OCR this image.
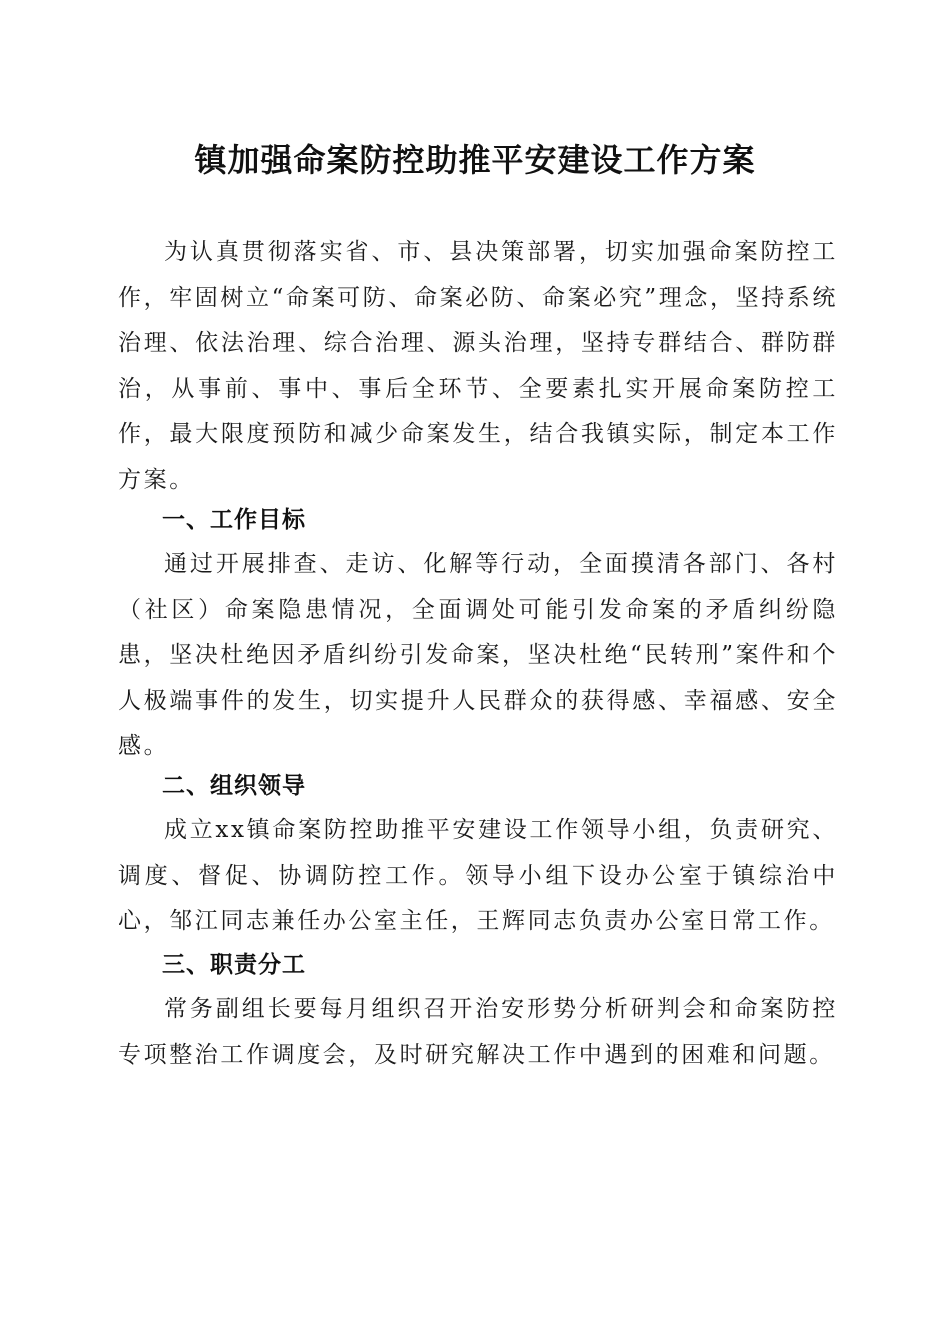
镇加强命案防控助推平安建设工作方案

为认真贯彻落实省、市、县决策部署，切实加强命案防控工作，牢固树立“命案可防、命案必防、命案必究”理念，坚持系统治理、依法治理、综合治理、源头治理，坚持专群结合、群防群治，从事前、事中、事后全环节、全要素扎实开展命案防控工作，最大限度预防和减少命案发生，结合我镇实际，制定本工作方案。

一、工作目标

通过开展排查、走访、化解等行动，全面摸清各部门、各村（社区）命案隐患情况，全面调处可能引发命案的矛盾纠纷隐患，坚决杜绝因矛盾纠纷引发命案，坚决杜绝“民转刑”案件和个人极端事件的发生，切实提升人民群众的获得感、幸福感、安全感。

二、组织领导

成立xx镇命案防控助推平安建设工作领导小组，负责研究、调度、督促、协调防控工作。领导小组下设办公室于镇综治中心，邹江同志兼任办公室主任，王辉同志负责办公室日常工作。

三、职责分工

常务副组长要每月组织召开治安形势分析研判会和命案防控专项整治工作调度会，及时研究解决工作中遇到的困难和问题。
